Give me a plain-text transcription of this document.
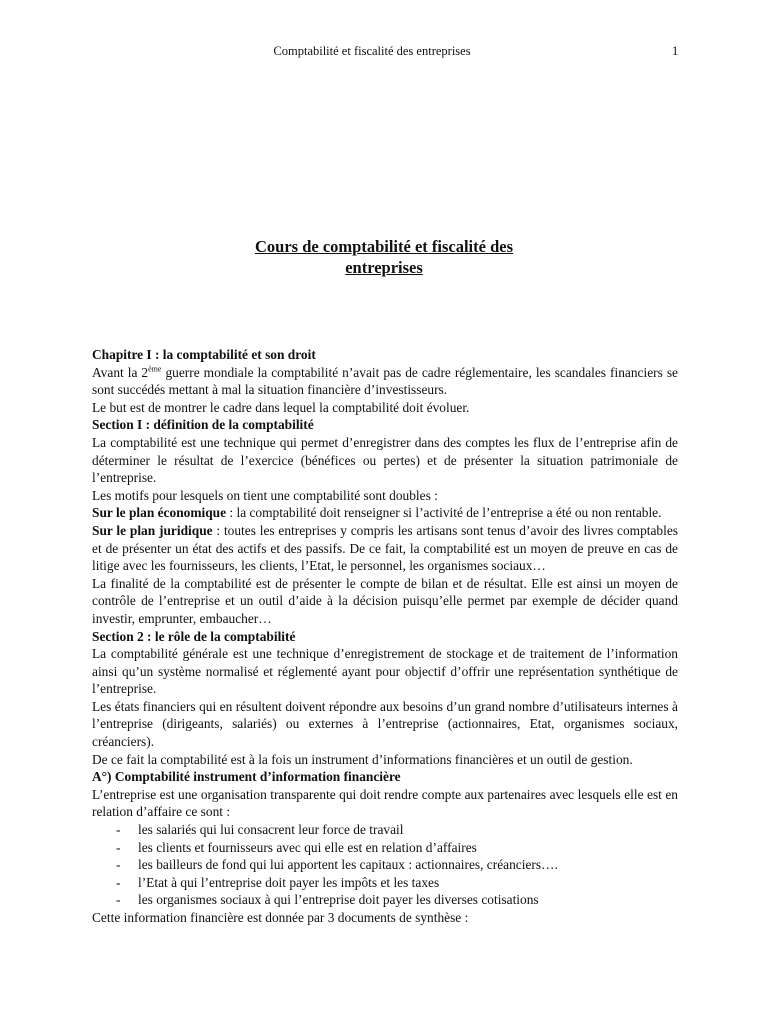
Comptabilité et fiscalité des entreprises	1
Cours de comptabilité et fiscalité des
entreprises

Chapitre I : la comptabilité et son droit

Avant la 2ème guerre mondiale la comptabilité n’avait pas de cadre réglementaire, les scandales financiers se sont succédés mettant à mal la situation financière d’investisseurs.

Le but est de montrer le cadre dans lequel la comptabilité doit évoluer.

Section I : définition de la comptabilité

La comptabilité est une technique qui permet d’enregistrer dans des comptes les flux de l’entreprise afin de déterminer le résultat de l’exercice (bénéfices ou pertes) et de présenter la situation patrimoniale de l’entreprise.

Les motifs pour lesquels on tient une comptabilité sont doubles :

Sur le plan économique : la comptabilité doit renseigner si l’activité de l’entreprise a été ou non rentable.

Sur le plan juridique : toutes les entreprises y compris les artisans sont tenus d’avoir des livres comptables et de présenter un état des actifs et des passifs. De ce fait, la comptabilité est un moyen de preuve en cas de litige avec les fournisseurs, les clients, l’Etat, le personnel, les organismes sociaux…

La finalité de la comptabilité est de présenter le compte de bilan et de résultat. Elle est ainsi un moyen de contrôle de l’entreprise et un outil d’aide à la décision puisqu’elle permet par exemple de décider quand investir, emprunter, embaucher…

Section 2 : le rôle de la comptabilité

La comptabilité générale est une technique d’enregistrement de stockage et de traitement de l’information ainsi qu’un système normalisé et réglementé ayant pour objectif d’offrir une représentation synthétique de l’entreprise.

Les états financiers qui en résultent doivent répondre aux besoins d’un grand nombre d’utilisateurs internes à l’entreprise (dirigeants, salariés) ou externes à l’entreprise (actionnaires, Etat, organismes sociaux, créanciers).

De ce fait la comptabilité est à la fois un instrument d’informations financières et un outil de gestion.

A°) Comptabilité instrument d’information financière

L’entreprise est une organisation transparente qui doit rendre compte aux partenaires avec lesquels elle est en relation d’affaire ce sont :

- les salariés qui lui consacrent leur force de travail
- les clients et fournisseurs avec qui elle est en relation d’affaires
- les bailleurs de fond qui lui apportent les capitaux : actionnaires, créanciers….
- l’Etat à qui l’entreprise doit payer les impôts et les taxes
- les organismes sociaux à qui l’entreprise doit payer les diverses cotisations

Cette information financière est donnée par 3 documents de synthèse :
